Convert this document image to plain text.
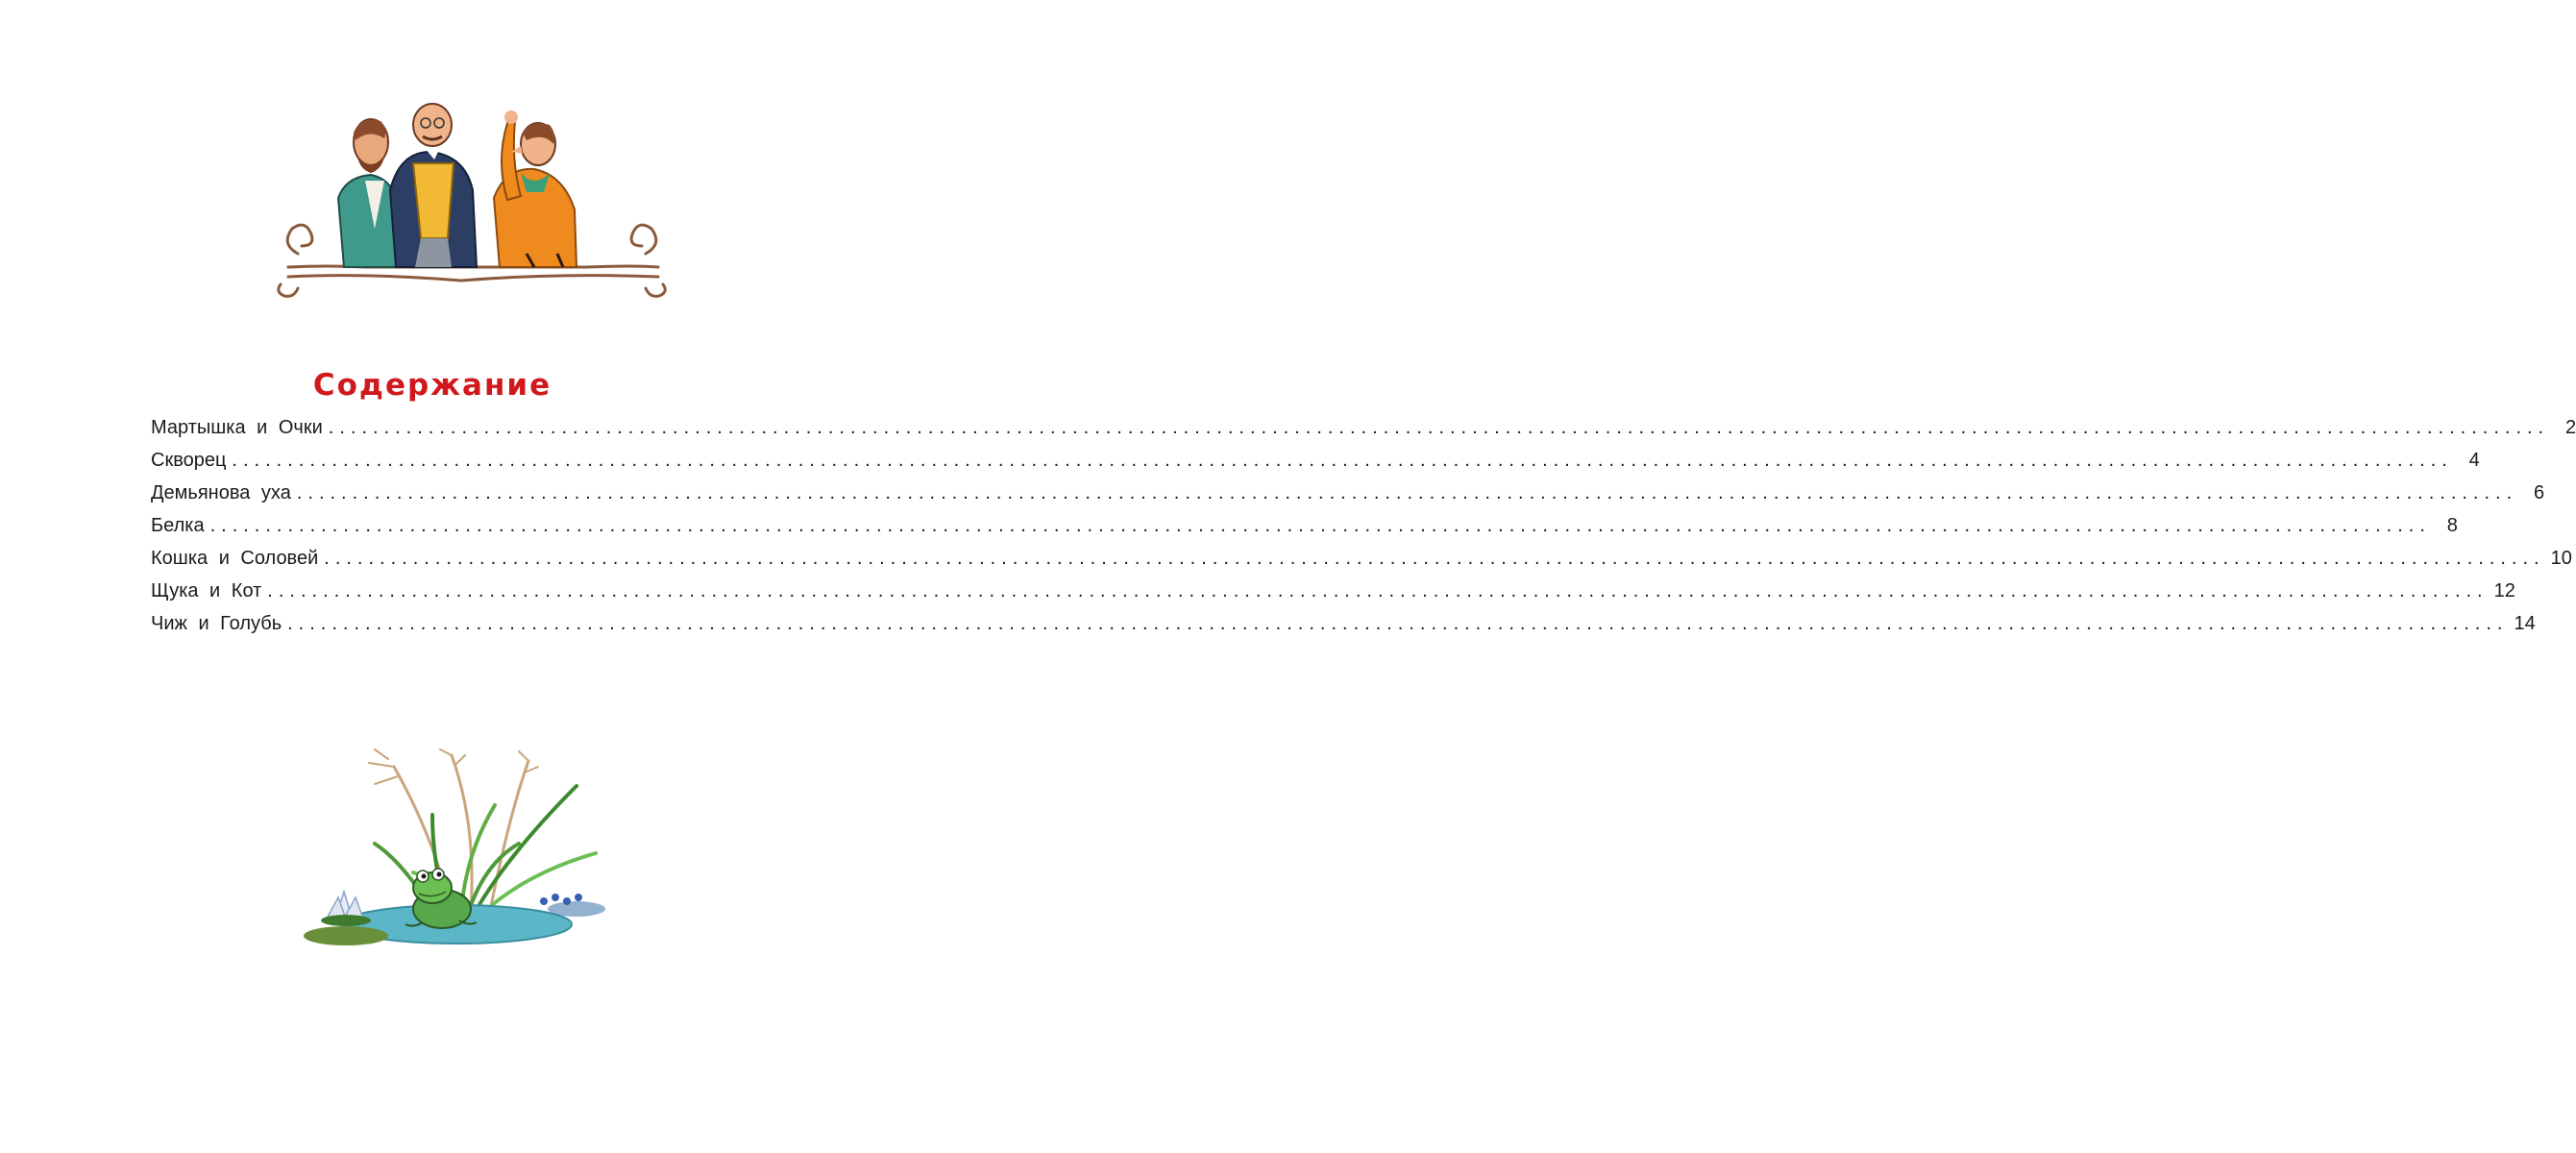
Содержание
Мартышка и Очки ........................................................................................................................................................................................................ 2
Скворец ........................................................................................................................................................................................................ 4
Демьянова уха ........................................................................................................................................................................................................ 6
Белка ........................................................................................................................................................................................................ 8
Кошка и Соловей ........................................................................................................................................................................................................ 10
Щука и Кот ........................................................................................................................................................................................................ 12
Чиж и Голубь ........................................................................................................................................................................................................ 14
